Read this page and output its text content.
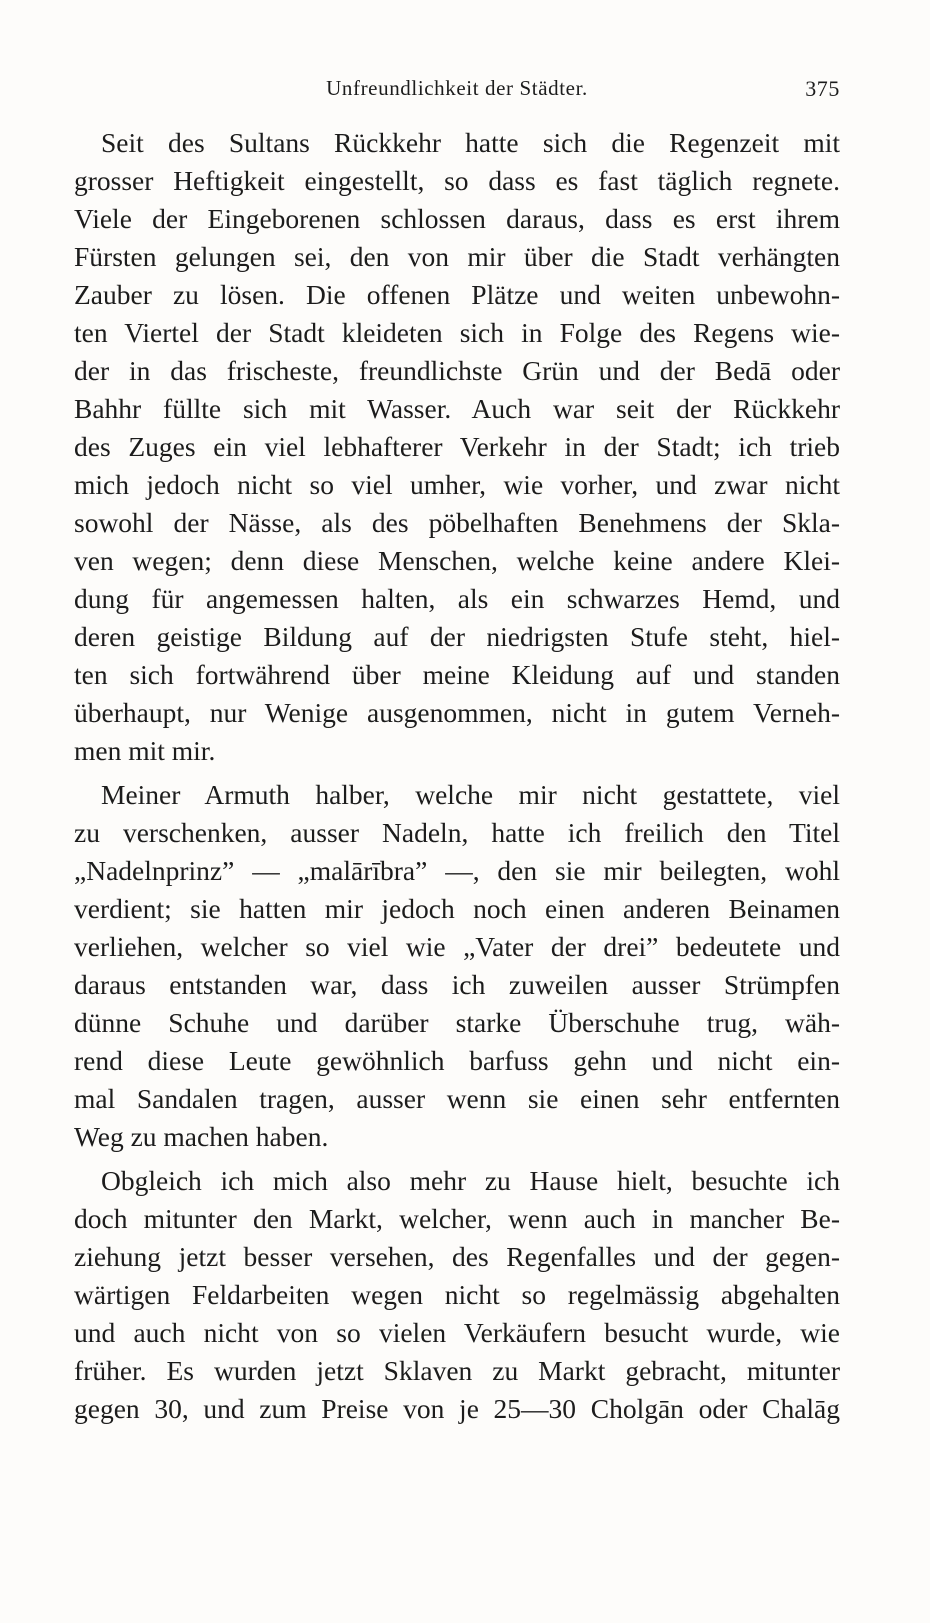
Unfreundlichkeit der Städter.	375
Seit des Sultans Rückkehr hatte sich die Regenzeit mit
grosser Heftigkeit eingestellt, so dass es fast täglich regnete.
Viele der Eingeborenen schlossen daraus, dass es erst ihrem
Fürsten gelungen sei, den von mir über die Stadt verhängten
Zauber zu lösen. Die offenen Plätze und weiten unbewohn-
ten Viertel der Stadt kleideten sich in Folge des Regens wie-
der in das frischeste, freundlichste Grün und der Bedā oder
Bahhr füllte sich mit Wasser. Auch war seit der Rückkehr
des Zuges ein viel lebhafterer Verkehr in der Stadt; ich trieb
mich jedoch nicht so viel umher, wie vorher, und zwar nicht
sowohl der Nässe, als des pöbelhaften Benehmens der Skla-
ven wegen; denn diese Menschen, welche keine andere Klei-
dung für angemessen halten, als ein schwarzes Hemd, und
deren geistige Bildung auf der niedrigsten Stufe steht, hiel-
ten sich fortwährend über meine Kleidung auf und standen
überhaupt, nur Wenige ausgenommen, nicht in gutem Verneh-
men mit mir.
Meiner Armuth halber, welche mir nicht gestattete, viel
zu verschenken, ausser Nadeln, hatte ich freilich den Titel
„Nadelnprinz” — „malārībra” —, den sie mir beilegten, wohl
verdient; sie hatten mir jedoch noch einen anderen Beinamen
verliehen, welcher so viel wie „Vater der drei” bedeutete und
daraus entstanden war, dass ich zuweilen ausser Strümpfen
dünne Schuhe und darüber starke Überschuhe trug, wäh-
rend diese Leute gewöhnlich barfuss gehn und nicht ein-
mal Sandalen tragen, ausser wenn sie einen sehr entfernten
Weg zu machen haben.
Obgleich ich mich also mehr zu Hause hielt, besuchte ich
doch mitunter den Markt, welcher, wenn auch in mancher Be-
ziehung jetzt besser versehen, des Regenfalles und der gegen-
wärtigen Feldarbeiten wegen nicht so regelmässig abgehalten
und auch nicht von so vielen Verkäufern besucht wurde, wie
früher. Es wurden jetzt Sklaven zu Markt gebracht, mitunter
gegen 30, und zum Preise von je 25—30 Cholgān oder Chalāg
